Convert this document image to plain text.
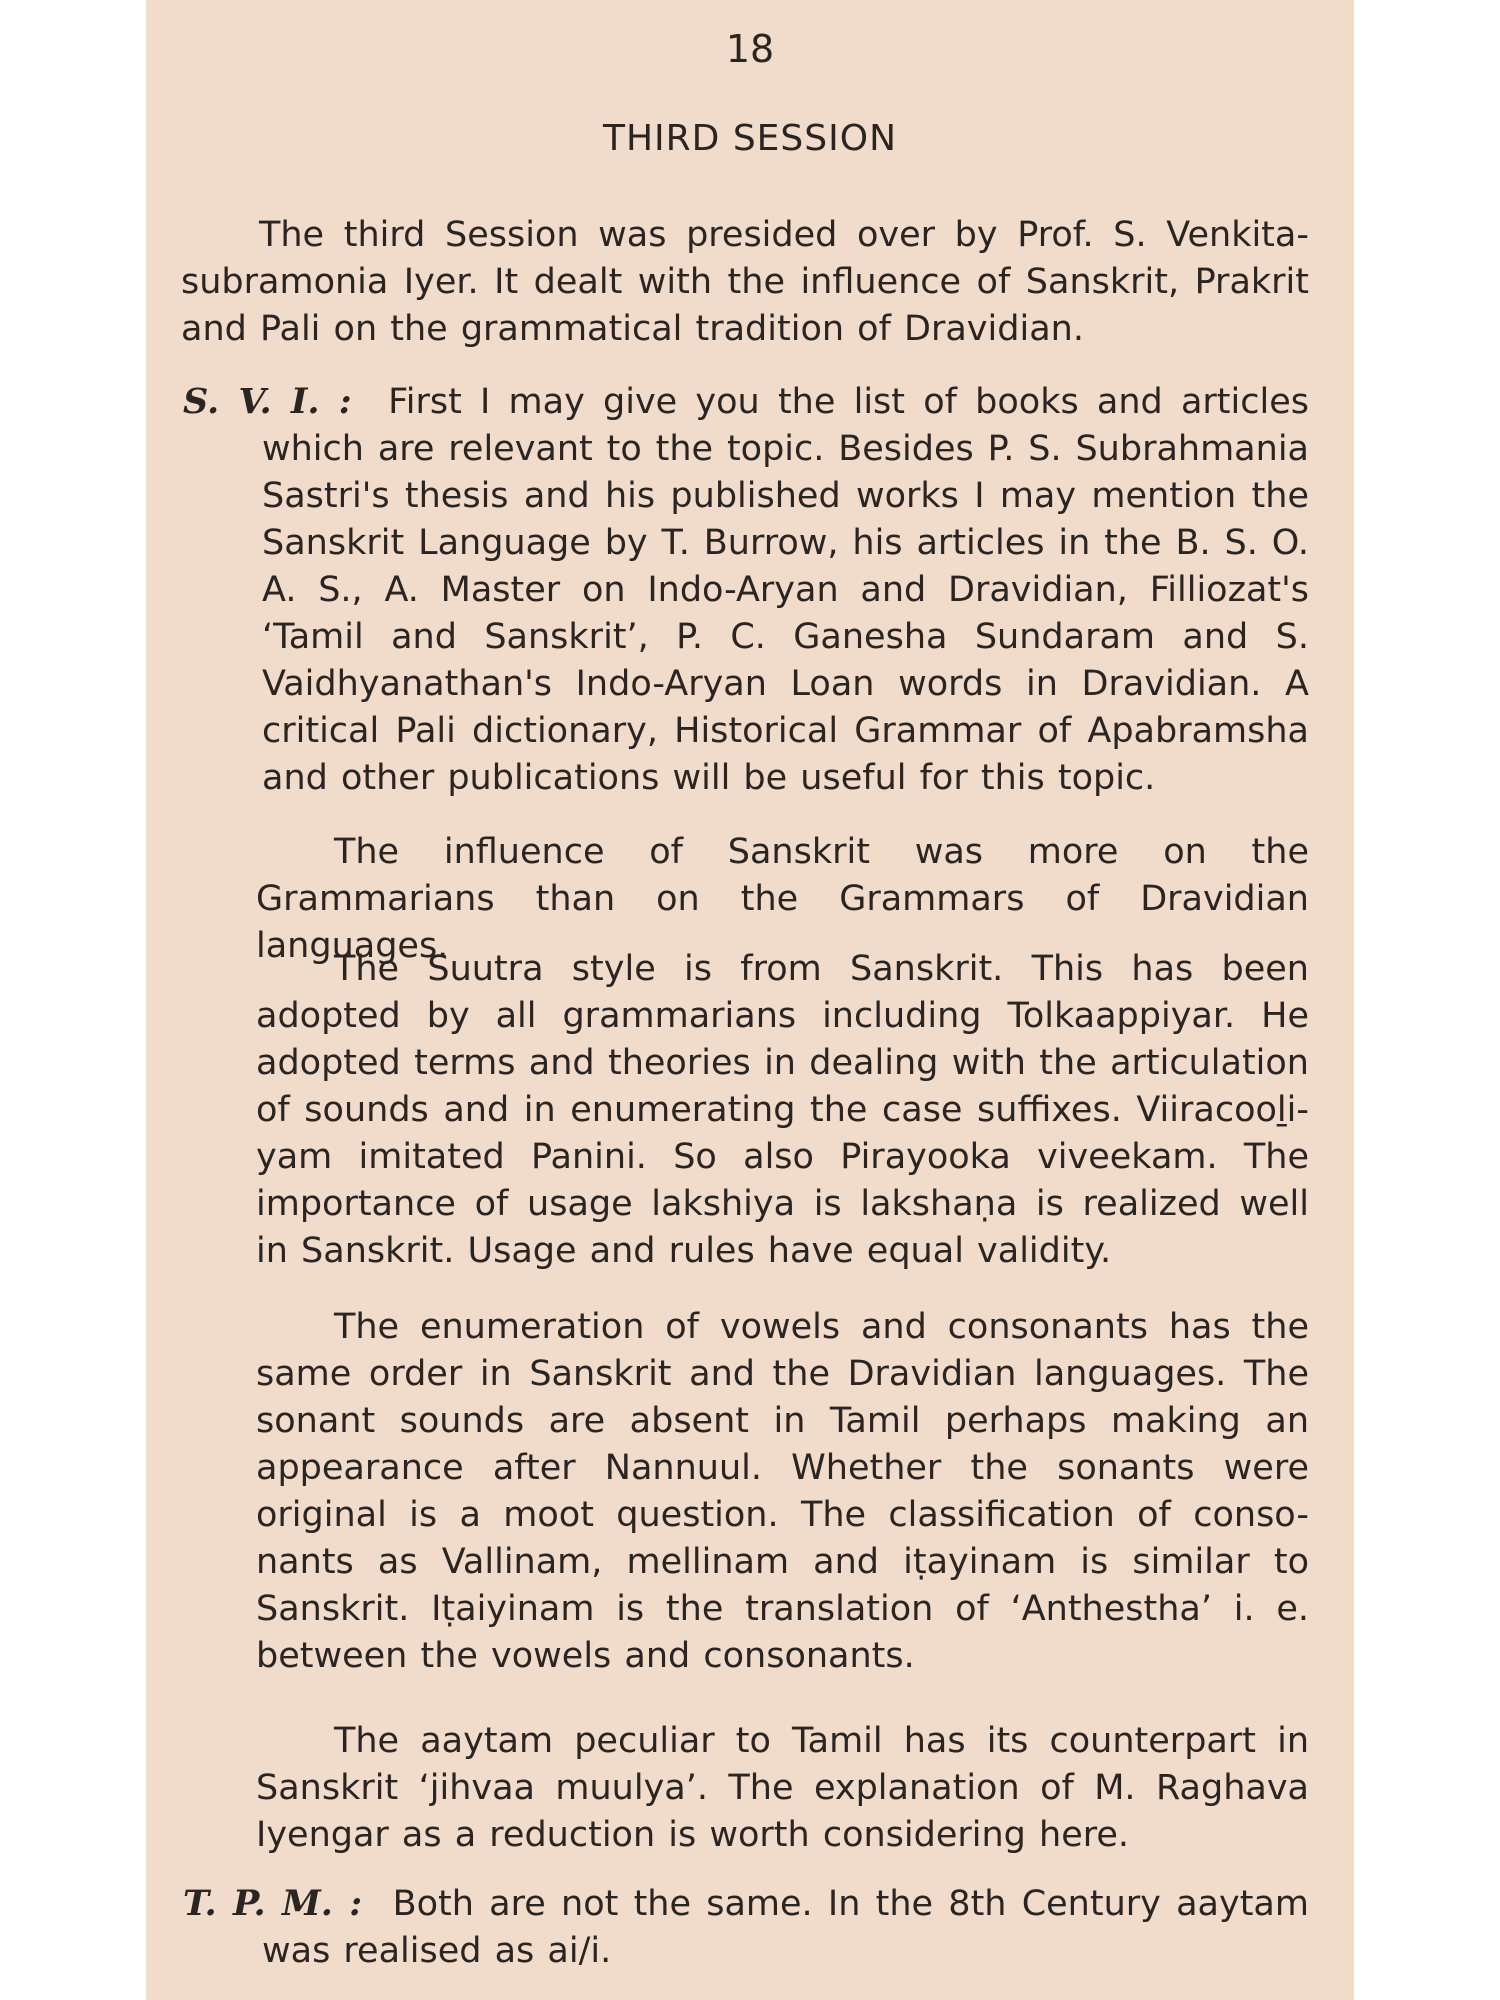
18
THIRD SESSION
The third Session was presided over by Prof. S. Venkita-subramonia Iyer. It dealt with the influence of Sanskrit, Prakrit and Pali on the grammatical tradition of Dravidian.
S. V. I. : First I may give you the list of books and articles which are relevant to the topic. Besides P. S. Subrahmania Sastri's thesis and his published works I may mention the Sanskrit Language by T. Burrow, his articles in the B. S. O. A. S., A. Master on Indo-Aryan and Dravidian, Filliozat's ‘Tamil and Sanskrit’, P. C. Ganesha Sundaram and S. Vaidhyanathan's Indo-Aryan Loan words in Dravidian. A critical Pali dictionary, Historical Grammar of Apabramsha and other publications will be useful for this topic.
The influence of Sanskrit was more on the Grammarians than on the Grammars of Dravidian languages.
The Suutra style is from Sanskrit. This has been adopted by all grammarians including Tolkaappiyar. He adopted terms and theories in dealing with the articulation of sounds and in enumerating the case suffixes. Viiracooḻi-yam imitated Panini. So also Pirayooka viveekam. The importance of usage lakshiya is lakshaṇa is realized well in Sanskrit. Usage and rules have equal validity.
The enumeration of vowels and consonants has the same order in Sanskrit and the Dravidian languages. The sonant sounds are absent in Tamil perhaps making an appearance after Nannuul. Whether the sonants were original is a moot question. The classification of conso-nants as Vallinam, mellinam and iṭayinam is similar to Sanskrit. Iṭaiyinam is the translation of ‘Anthestha’ i. e. between the vowels and consonants.
The aaytam peculiar to Tamil has its counterpart in Sanskrit ‘jihvaa muulya’. The explanation of M. Raghava Iyengar as a reduction is worth considering here.
T. P. M. : Both are not the same. In the 8th Century aaytam was realised as ai/i.
